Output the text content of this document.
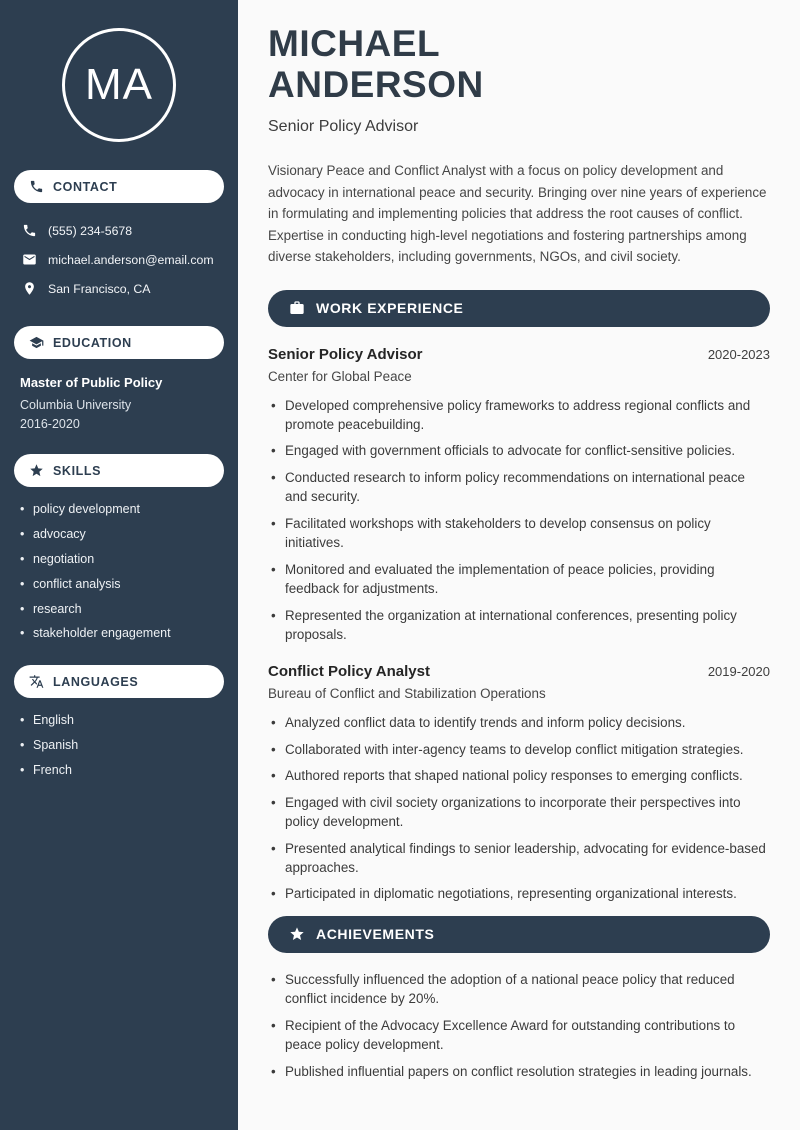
MA
CONTACT
(555) 234-5678
michael.anderson@email.com
San Francisco, CA
EDUCATION
Master of Public Policy
Columbia University
2016-2020
SKILLS
• policy development
• advocacy
• negotiation
• conflict analysis
• research
• stakeholder engagement
LANGUAGES
• English
• Spanish
• French
MICHAEL
ANDERSON
Senior Policy Advisor

Visionary Peace and Conflict Analyst with a focus on policy development and advocacy in international peace and security. Bringing over nine years of experience in formulating and implementing policies that address the root causes of conflict. Expertise in conducting high-level negotiations and fostering partnerships among diverse stakeholders, including governments, NGOs, and civil society.

WORK EXPERIENCE
Senior Policy Advisor	2020-2023
Center for Global Peace
• Developed comprehensive policy frameworks to address regional conflicts and promote peacebuilding.
• Engaged with government officials to advocate for conflict-sensitive policies.
• Conducted research to inform policy recommendations on international peace and security.
• Facilitated workshops with stakeholders to develop consensus on policy initiatives.
• Monitored and evaluated the implementation of peace policies, providing feedback for adjustments.
• Represented the organization at international conferences, presenting policy proposals.
Conflict Policy Analyst	2019-2020
Bureau of Conflict and Stabilization Operations
• Analyzed conflict data to identify trends and inform policy decisions.
• Collaborated with inter-agency teams to develop conflict mitigation strategies.
• Authored reports that shaped national policy responses to emerging conflicts.
• Engaged with civil society organizations to incorporate their perspectives into policy development.
• Presented analytical findings to senior leadership, advocating for evidence-based approaches.
• Participated in diplomatic negotiations, representing organizational interests.
ACHIEVEMENTS
• Successfully influenced the adoption of a national peace policy that reduced conflict incidence by 20%.
• Recipient of the Advocacy Excellence Award for outstanding contributions to peace policy development.
• Published influential papers on conflict resolution strategies in leading journals.
